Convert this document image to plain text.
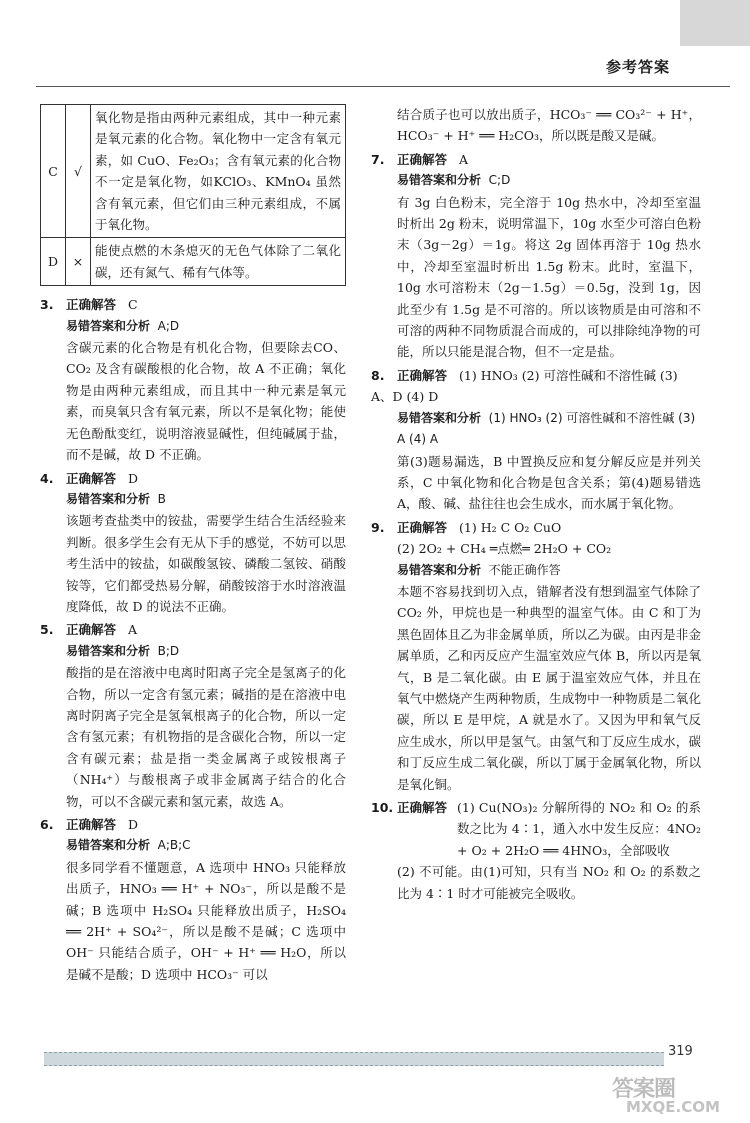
参考答案
C	√	氧化物是指由两种元素组成，其中一种元素是氧元素的化合物。氧化物中一定含有氧元素，如 CuO、Fe₂O₃；含有氧元素的化合物不一定是氧化物，如KClO₃、KMnO₄ 虽然含有氧元素，但它们由三种元素组成，不属于氧化物。
D	×	能使点燃的木条熄灭的无色气体除了二氧化碳，还有氮气、稀有气体等。
3. 正确解答 C
易错答案和分析 A;D
含碳元素的化合物是有机化合物，但要除去CO、CO₂ 及含有碳酸根的化合物，故 A 不正确；氧化物是由两种元素组成，而且其中一种元素是氧元素，而臭氧只含有氧元素，所以不是氧化物；能使无色酚酞变红，说明溶液显碱性，但纯碱属于盐，而不是碱，故 D 不正确。
4. 正确解答 D
易错答案和分析 B
该题考查盐类中的铵盐，需要学生结合生活经验来判断。很多学生会有无从下手的感觉，不妨可以思考生活中的铵盐，如碳酸氢铵、磷酸二氢铵、硝酸铵等，它们都受热易分解，硝酸铵溶于水时溶液温度降低，故 D 的说法不正确。
5. 正确解答 A
易错答案和分析 B;D
酸指的是在溶液中电离时阳离子完全是氢离子的化合物，所以一定含有氢元素；碱指的是在溶液中电离时阴离子完全是氢氧根离子的化合物，所以一定含有氢元素；有机物指的是含碳化合物，所以一定含有碳元素；盐是指一类金属离子或铵根离子（NH₄⁺）与酸根离子或非金属离子结合的化合物，可以不含碳元素和氢元素，故选 A。
6. 正确解答 D
易错答案和分析 A;B;C
很多同学看不懂题意，A 选项中 HNO₃ 只能释放出质子，HNO₃ ══ H⁺ + NO₃⁻，所以是酸不是碱；B 选项中 H₂SO₄ 只能释放出质子，H₂SO₄ ══ 2H⁺ + SO₄²⁻，所以是酸不是碱；C 选项中 OH⁻ 只能结合质子，OH⁻ + H⁺ ══ H₂O，所以是碱不是酸；D 选项中 HCO₃⁻ 可以
结合质子也可以放出质子，HCO₃⁻ ══ CO₃²⁻ + H⁺，HCO₃⁻ + H⁺ ══ H₂CO₃，所以既是酸又是碱。
7. 正确解答 A
易错答案和分析 C;D
有 3g 白色粉末，完全溶于 10g 热水中，冷却至室温时析出 2g 粉末，说明常温下，10g 水至少可溶白色粉末（3g－2g）＝1g。将这 2g 固体再溶于 10g 热水中，冷却至室温时析出 1.5g 粉末。此时，室温下，10g 水可溶粉末（2g－1.5g）＝0.5g，没到 1g，因此至少有 1.5g 是不可溶的。所以该物质是由可溶和不可溶的两种不同物质混合而成的，可以排除纯净物的可能，所以只能是混合物，但不一定是盐。
8. 正确解答 (1) HNO₃ (2) 可溶性碱和不溶性碱 (3) A、D (4) D
易错答案和分析 (1) HNO₃ (2) 可溶性碱和不溶性碱 (3) A (4) A
第(3)题易漏选，B 中置换反应和复分解反应是并列关系，C 中氧化物和化合物是包含关系；第(4)题易错选 A，酸、碱、盐往往也会生成水，而水属于氧化物。
9. 正确解答 (1) H₂ C O₂ CuO
(2) 2O₂ + CH₄ ═点燃═ 2H₂O + CO₂
易错答案和分析 不能正确作答
本题不容易找到切入点，错解者没有想到温室气体除了 CO₂ 外，甲烷也是一种典型的温室气体。由 C 和丁为黑色固体且乙为非金属单质，所以乙为碳。由丙是非金属单质，乙和丙反应产生温室效应气体 B，所以丙是氧气，B 是二氧化碳。由 E 属于温室效应气体，并且在氧气中燃烧产生两种物质，生成物中一种物质是二氧化碳，所以 E 是甲烷，A 就是水了。又因为甲和氧气反应生成水，所以甲是氢气。由氢气和丁反应生成水，碳和丁反应生成二氧化碳，所以丁属于金属氧化物，所以是氧化铜。
10. 正确解答 (1) Cu(NO₃)₂ 分解所得的 NO₂ 和 O₂ 的系数之比为 4∶1，通入水中发生反应：4NO₂ + O₂ + 2H₂O ══ 4HNO₃，全部吸收
(2) 不可能。由(1)可知，只有当 NO₂ 和 O₂ 的系数之比为 4∶1 时才可能被完全吸收。
319
答案圈
MXQE.COM
